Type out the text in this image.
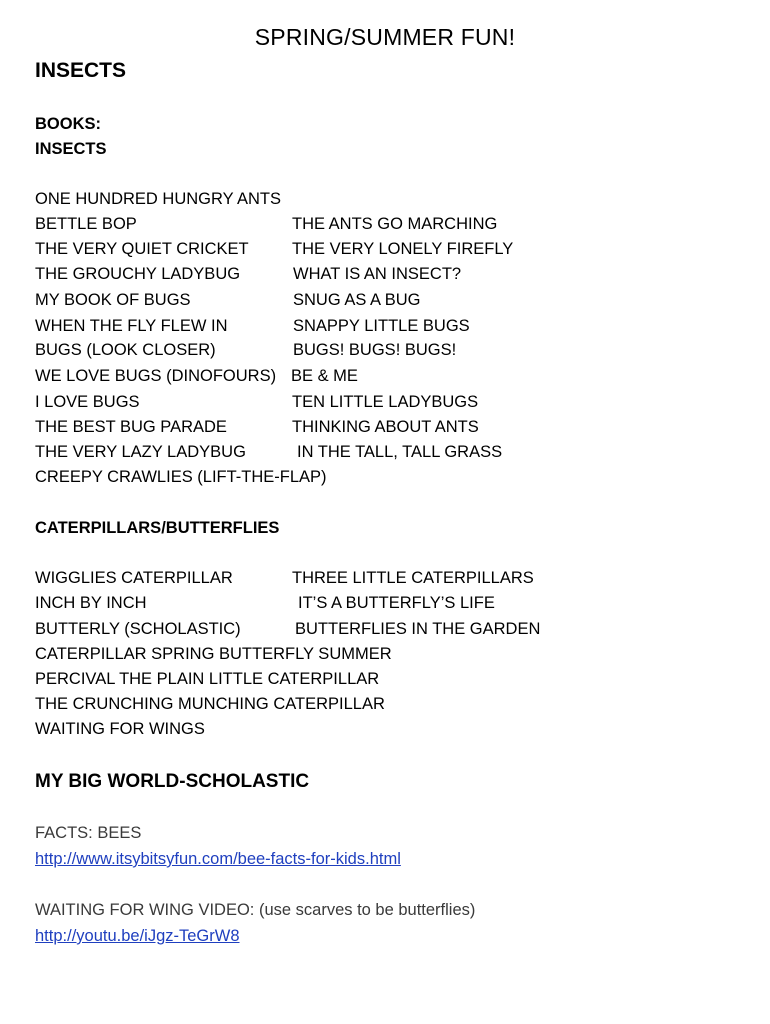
SPRING/SUMMER FUN!
INSECTS
BOOKS:
INSECTS
ONE HUNDRED HUNGRY ANTS
BETTLE BOP	THE ANTS GO MARCHING
THE VERY QUIET CRICKET	THE VERY LONELY FIREFLY
THE GROUCHY LADYBUG	WHAT IS AN INSECT?
MY BOOK OF BUGS	SNUG AS A BUG
WHEN THE FLY FLEW IN	SNAPPY LITTLE BUGS
BUGS (LOOK CLOSER)	BUGS! BUGS! BUGS!
WE LOVE BUGS (DINOFOURS) BE & ME
I LOVE BUGS	TEN LITTLE LADYBUGS
THE BEST BUG PARADE	THINKING ABOUT ANTS
THE VERY LAZY LADYBUG	IN THE TALL, TALL GRASS
CREEPY CRAWLIES (LIFT-THE-FLAP)
CATERPILLARS/BUTTERFLIES
WIGGLIES CATERPILLAR	THREE LITTLE CATERPILLARS
INCH BY INCH	IT’S A BUTTERFLY’S LIFE
BUTTERLY (SCHOLASTIC)	BUTTERFLIES IN THE GARDEN
CATERPILLAR SPRING BUTTERFLY SUMMER
PERCIVAL THE PLAIN LITTLE CATERPILLAR
THE CRUNCHING MUNCHING CATERPILLAR
WAITING FOR WINGS
MY BIG WORLD-SCHOLASTIC
FACTS: BEES
http://www.itsybitsyfun.com/bee-facts-for-kids.html
WAITING FOR WING VIDEO: (use scarves to be butterflies)
http://youtu.be/iJgz-TeGrW8
